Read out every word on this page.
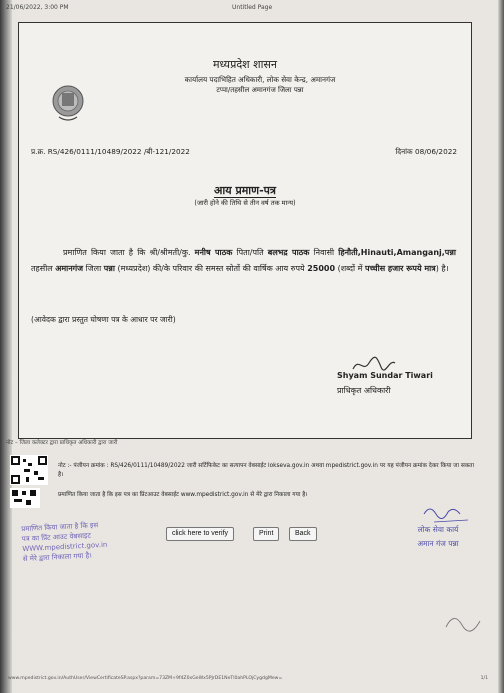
21/06/2022, 3:00 PM	Untitled Page
मध्यप्रदेश शासन
कार्यालय पदाभिहित अधिकारी, लोक सेवा केन्द्र, अमानगंज
टप्पा/तहसील अमानगंज जिला पन्ना
प्र.क्र. RS/426/0111/10489/2022 /बी-121/2022	दिनांक 08/06/2022
आय प्रमाण-पत्र
(जारी होने की तिथि से तीन वर्ष तक मान्य)
प्रमाणित किया जाता है कि श्री/श्रीमती/कु. मनीष पाठक पिता/पति बलभद्र पाठक निवासी हिनौती,Hinauti,Amanganj,पन्ना तहसील अमानगंज जिला पन्ना (मध्यप्रदेश) की/के परिवार की समस्त स्रोतों की वार्षिक आय रुपये 25000 (शब्दों में पच्चीस हजार रूपये मात्र) है।
(आवेदक द्वारा प्रस्तुत घोषणा पत्र के आधार पर जारी)
Shyam Sundar Tiwari
प्राधिकृत अधिकारी
नोट – जिला कलेक्टर द्वारा प्राधिकृत अधिकारी द्वारा जारी
नोट :- पंजीयन क्रमांक : RS/426/0111/10489/2022 जारी सर्टिफिकेट का सत्यापन वेबसाईट lokseva.gov.in अथवा mpedistrict.gov.in पर यह पंजीयन क्रमांक देकर किया जा सकता है।
प्रमाणित किया जाता है कि इस पत्र का प्रिंटआउट वेबसाईट www.mpedistrict.gov.in से मेरे द्वारा निकाला गया है।
प्रमाणित किया जाता है कि इस
पत्र का प्रिंट आउट वेबसाइट
WWW.mpedistrict.gov.in
से मेरे द्वारा निकाला गया है।
लोक सेवा कार्य
अमान गंज पन्ना
click here to verify	Print	Back
www.mpedistrict.gov.in/AuthUser/ViewCertificateSP.aspx?param=73ZM+9f4Z0xGeWx5PJrDE1NeTl0ahPLOjCygdgMew=	1/1
